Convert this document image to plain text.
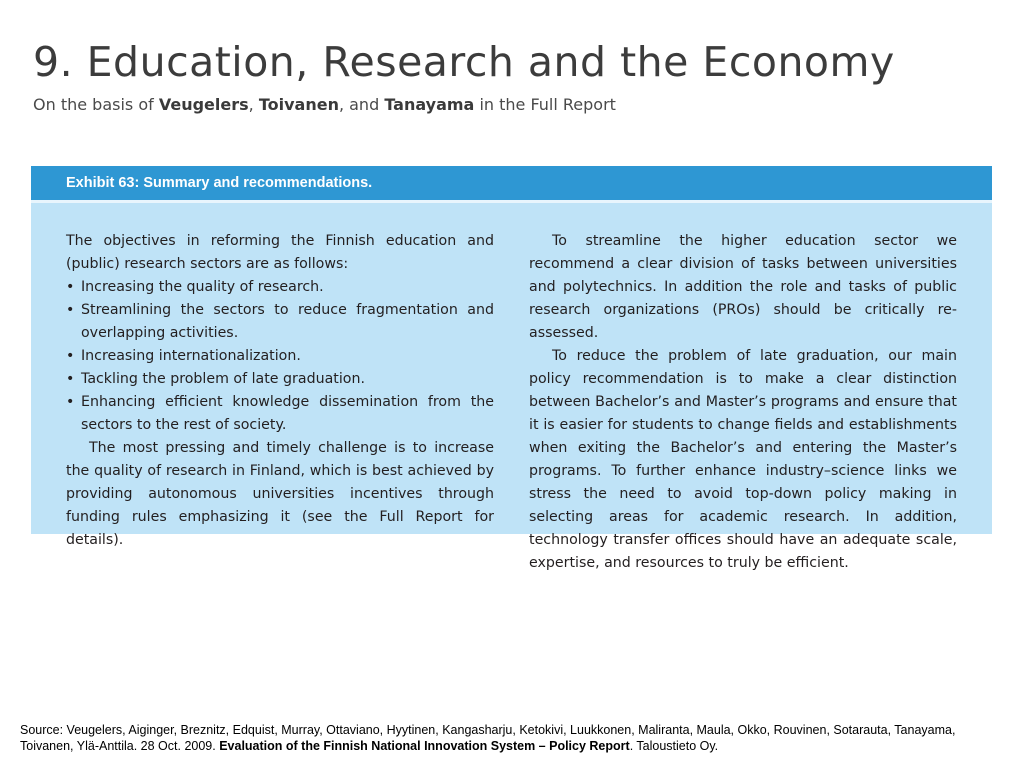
9. Education, Research and the Economy
On the basis of Veugelers, Toivanen, and Tanayama in the Full Report
Exhibit 63: Summary and recommendations.

The objectives in reforming the Finnish education and (public) research sectors are as follows:

• Increasing the quality of research.
• Streamlining the sectors to reduce fragmentation and overlapping activities.
• Increasing internationalization.
• Tackling the problem of late graduation.
• Enhancing efficient knowledge dissemination from the sectors to the rest of society.

The most pressing and timely challenge is to increase the quality of research in Finland, which is best achieved by providing autonomous universities incentives through funding rules emphasizing it (see the Full Report for details).

To streamline the higher education sector we recommend a clear division of tasks between universities and polytechnics. In addition the role and tasks of public research organizations (PROs) should be critically re-assessed.

To reduce the problem of late graduation, our main policy recommendation is to make a clear distinction between Bachelor’s and Master’s programs and ensure that it is easier for students to change fields and establishments when exiting the Bachelor’s and entering the Master’s programs. To further enhance industry–science links we stress the need to avoid top-down policy making in selecting areas for academic research. In addition, technology transfer offices should have an adequate scale, expertise, and resources to truly be efficient.

Source: Veugelers, Aiginger, Breznitz, Edquist, Murray, Ottaviano, Hyytinen, Kangasharju, Ketokivi, Luukkonen, Maliranta, Maula, Okko, Rouvinen, Sotarauta, Tanayama, Toivanen, Ylä-Anttila. 28 Oct. 2009. Evaluation of the Finnish National Innovation System – Policy Report. Taloustieto Oy.
